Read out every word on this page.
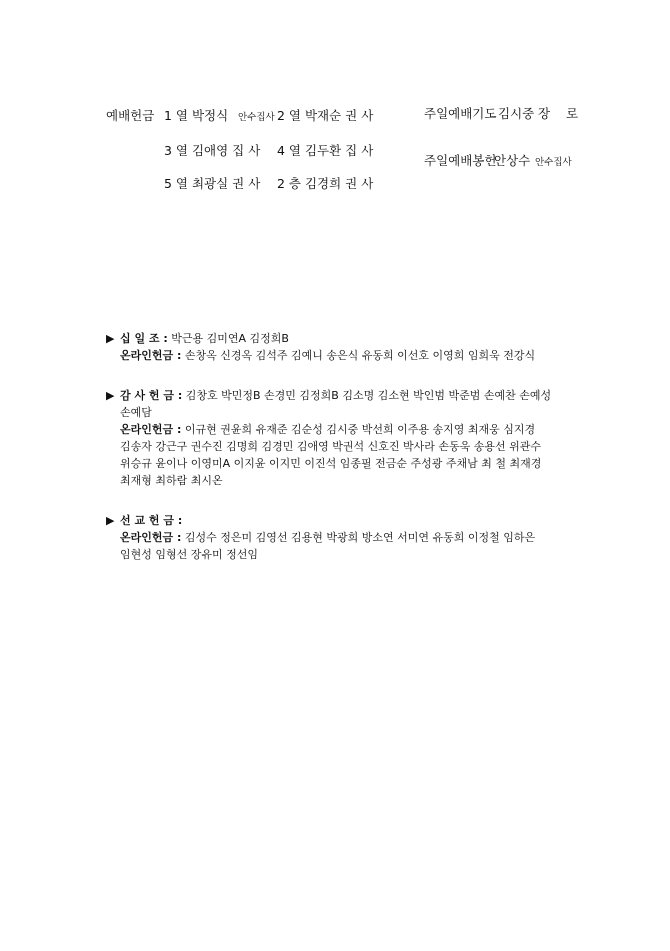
예배헌금 1 열 박정식 안수집사 2 열 박재순 권 사
3 열 김애영 집 사 4 열 김두환 집 사
5 열 최광실 권 사 2 층 김경희 권 사
주일예배기도 김시중 장 로
주일예배봉헌
안상수 안수집사
▶ 십 일 조 : 박근용 김미연A 김정희B
온라인헌금 : 손창옥 신경옥 김석주 김예니 송은식 유동희 이선호 이영희 임희욱 전강식
▶ 감 사 헌 금 : 김창호 박민정B 손경민 김정희B 김소명 김소현 박인범 박준범 손예찬 손예성
손예담
온라인헌금 : 이규현 권윤희 유재준 김순성 김시중 박선희 이주용 송지영 최재웅 심지경
김송자 강근구 권수진 김명희 김경민 김애영 박권석 신호진 박사라 손동욱 송용선 위관수
위승규 윤이나 이영미A 이지윤 이지민 이진석 임종필 전금순 주성광 주채남 최 철 최재경
최재형 최하람 최시온
▶ 선 교 헌 금 :
온라인헌금 : 김성수 정은미 김영선 김용현 박광희 방소연 서미연 유동희 이정철 임하은
임현성 임형선 장유미 정선임
